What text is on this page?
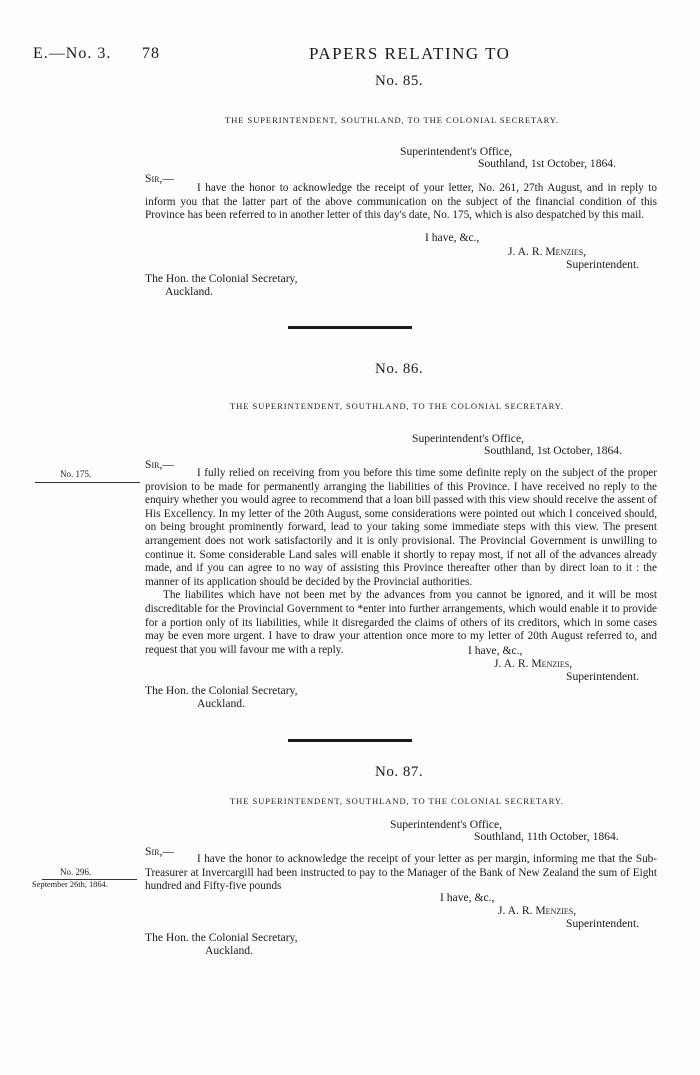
E.—No. 3. 78	PAPERS RELATING TO
No. 85.
THE SUPERINTENDENT, SOUTHLAND, TO THE COLONIAL SECRETARY.
Superintendent's Office,
Southland, 1st October, 1864.
Sir,—

I have the honor to acknowledge the receipt of your letter, No. 261, 27th August, and in reply to inform you that the latter part of the above communication on the subject of the financial condition of this Province has been referred to in another letter of this day's date, No. 175, which is also despatched by this mail.

I have, &c.,
J. A. R. Menzies,
Superintendent.
The Hon. the Colonial Secretary,
Auckland.
No. 86.
THE SUPERINTENDENT, SOUTHLAND, TO THE COLONIAL SECRETARY.
Superintendent's Office,
Southland, 1st October, 1864.
Sir,—
No. 175.	I fully relied on receiving from you before this time some definite reply on the subject of the proper provision to be made for permanently arranging the liabilities of this Province. I have received no reply to the enquiry whether you would agree to recommend that a loan bill passed with this view should receive the assent of His Excellency. In my letter of the 20th August, some considerations were pointed out which I conceived should, on being brought prominently forward, lead to your taking some immediate steps with this view. The present arrangement does not work satisfactorily and it is only provisional. The Provincial Government is unwilling to continue it. Some considerable Land sales will enable it shortly to repay most, if not all of the advances already made, and if you can agree to no way of assisting this Province thereafter other than by direct loan to it : the manner of its application should be decided by the Provincial authorities.

The liabilites which have not been met by the advances from you cannot be ignored, and it will be most discreditable for the Provincial Government to *enter into further arrangements, which would enable it to provide for a portion only of its liabilities, while it disregarded the claims of others of its creditors, which in some cases may be even more urgent. I have to draw your attention once more to my letter of 20th August referred to, and request that you will favour me with a reply.	I have, &c.,
J. A. R. Menzies,
Superintendent.
The Hon. the Colonial Secretary,
Auckland.
No. 87.
THE SUPERINTENDENT, SOUTHLAND, TO THE COLONIAL SECRETARY.
Superintendent's Office,
Southland, 11th October, 1864.
Sir,—
No. 296.
September 26th, 1864.

I have the honor to acknowledge the receipt of your letter as per margin, informing me that the Sub-Treasurer at Invercargill had been instructed to pay to the Manager of the Bank of New Zealand the sum of Eight hundred and Fifty-five pounds

I have, &c.,
J. A. R. Menzies,
Superintendent.
The Hon. the Colonial Secretary,
Auckland.
